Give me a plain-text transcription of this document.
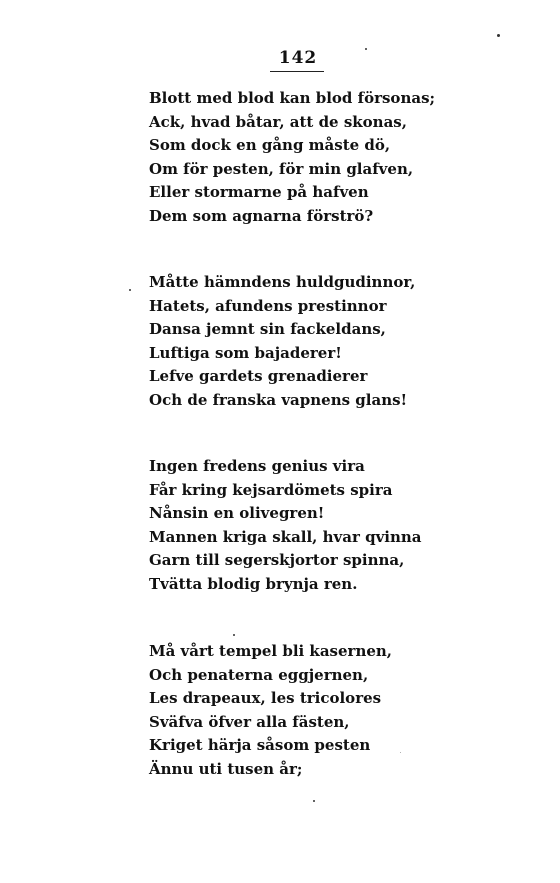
142
Blott med blod kan blod försonas;
Ack, hvad båtar, att de skonas,
Som dock en gång måste dö,
Om för pesten, för min glafven,
Eller stormarne på hafven
Dem som agnarna förströ?
Måtte hämndens huldgudinnor,
Hatets, afundens prestinnor
Dansa jemnt sin fackeldans,
Luftiga som bajaderer!
Lefve gardets grenadierer
Och de franska vapnens glans!
Ingen fredens genius vira
Får kring kejsardömets spira
Nånsin en olivegren!
Mannen kriga skall, hvar qvinna
Garn till segerskjortor spinna,
Tvätta blodig brynja ren.
Må vårt tempel bli kasernen,
Och penaterna eggjernen,
Les drapeaux, les tricolores
Sväfva öfver alla fästen,
Kriget härja såsom pesten
Ännu uti tusen år;
